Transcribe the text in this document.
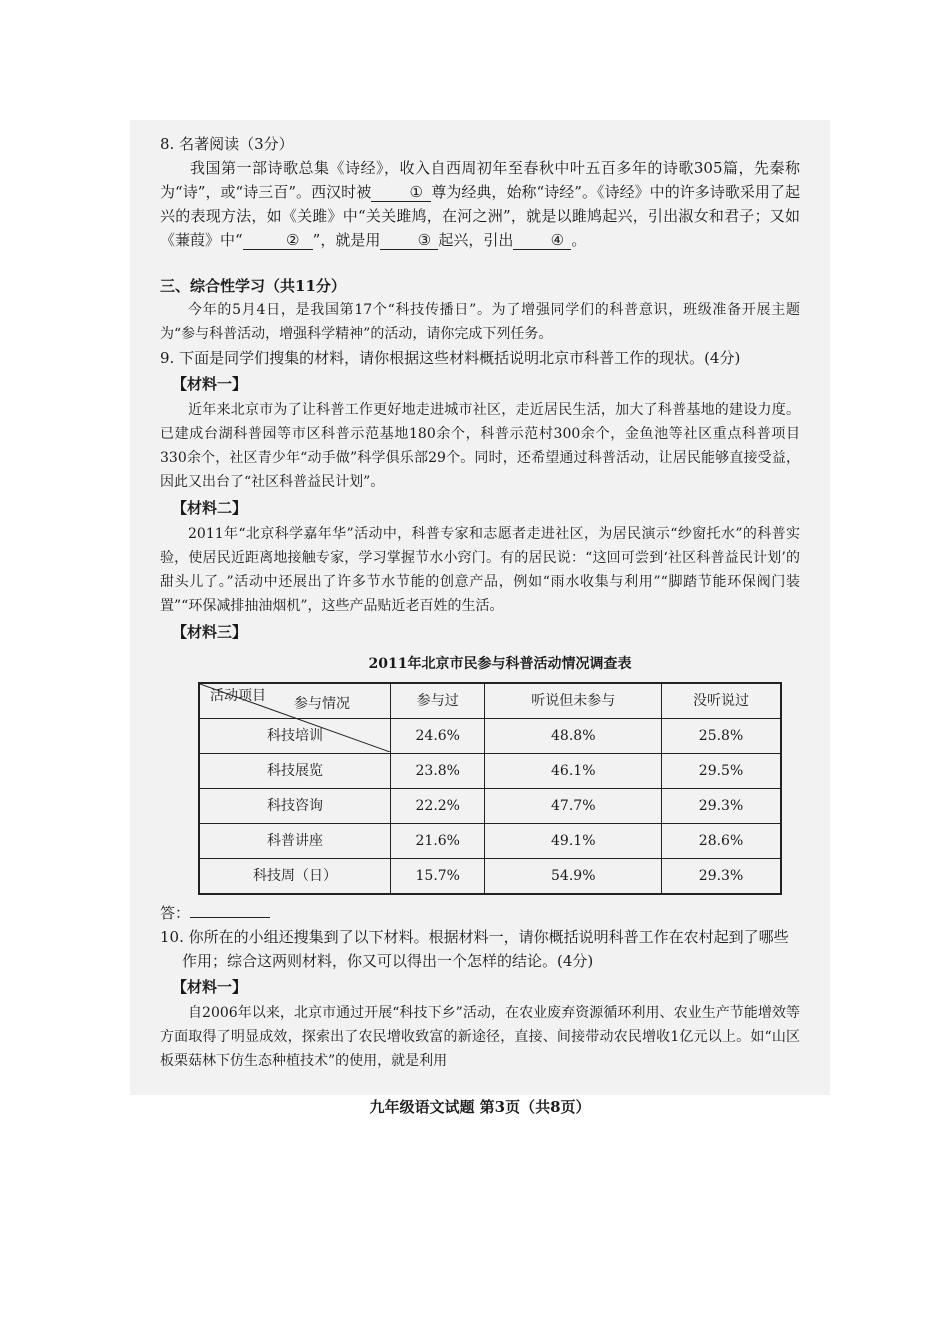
8. 名著阅读（3分）

我国第一部诗歌总集《诗经》，收入自西周初年至春秋中叶五百多年的诗歌305篇，先秦称为“诗”，或“诗三百”。西汉时被	① 尊为经典，始称“诗经”。《诗经》中的许多诗歌采用了起兴的表现方法，如《关雎》中“关关雎鸠，在河之洲”，就是以雎鸠起兴，引出淑女和君子；又如《蒹葭》中“	② ”，就是用 ③ 起兴，引出 ④ 。

三、综合性学习（共11分）

今年的5月4日，是我国第17个“科技传播日”。为了增强同学们的科普意识，班级准备开展主题为“参与科普活动，增强科学精神”的活动，请你完成下列任务。

9. 下面是同学们搜集的材料，请你根据这些材料概括说明北京市科普工作的现状。(4分)

【材料一】

近年来北京市为了让科普工作更好地走进城市社区，走近居民生活，加大了科普基地的建设力度。已建成台湖科普园等市区科普示范基地180余个，科普示范村300余个，金鱼池等社区重点科普项目330余个，社区青少年“动手做”科学俱乐部29个。同时，还希望通过科普活动，让居民能够直接受益，因此又出台了“社区科普益民计划”。

【材料二】

2011年“北京科学嘉年华”活动中，科普专家和志愿者走进社区，为居民演示“纱窗托水”的科普实验，使居民近距离地接触专家，学习掌握节水小窍门。有的居民说：“这回可尝到‘社区科普益民计划’的甜头儿了。”活动中还展出了许多节水节能的创意产品，例如“雨水收集与利用”“脚踏节能环保阀门装置”“环保减排抽油烟机”，这些产品贴近老百姓的生活。

【材料三】

2011年北京市民参与科普活动情况调查表
参与情况
活动项目	参与过	听说但未参与	没听说过
科技培训	24.6%	48.8%	25.8%
科技展览	23.8%	46.1%	29.5%
科技咨询	22.2%	47.7%	29.3%
科普讲座	21.6%	49.1%	28.6%
科技周（日）	15.7%	54.9%	29.3%

答：

10. 你所在的小组还搜集到了以下材料。根据材料一，请你概括说明科普工作在农村起到了哪些作用；综合这两则材料，你又可以得出一个怎样的结论。(4分)

【材料一】

自2006年以来，北京市通过开展“科技下乡”活动，在农业废弃资源循环利用、农业生产节能增效等方面取得了明显成效，探索出了农民增收致富的新途径，直接、间接带动农民增收1亿元以上。如“山区板栗菇林下仿生态种植技术”的使用，就是利用

九年级语文试题 第3页（共8页）
